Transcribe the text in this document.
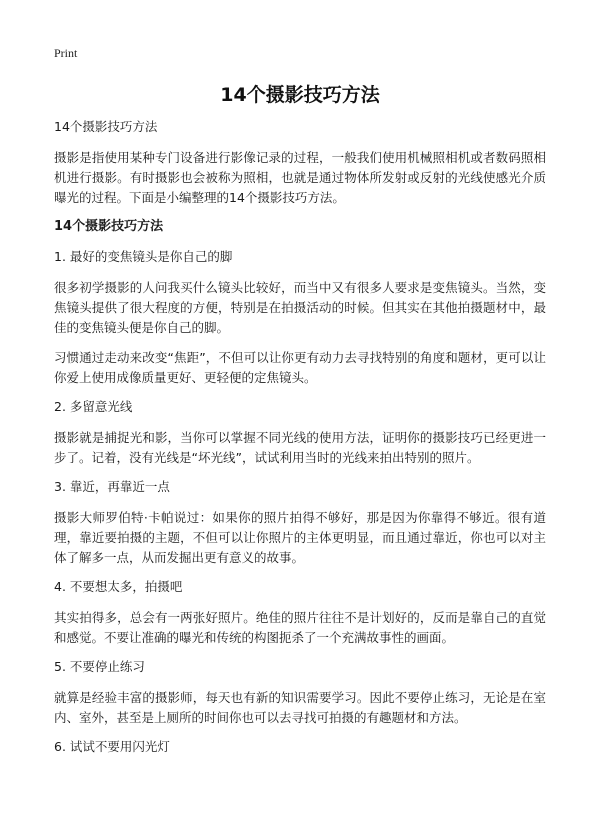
Print
14个摄影技巧方法

14个摄影技巧方法

摄影是指使用某种专门设备进行影像记录的过程，一般我们使用机械照相机或者数码照相机进行摄影。有时摄影也会被称为照相，也就是通过物体所发射或反射的光线使感光介质曝光的过程。下面是小编整理的14个摄影技巧方法。

14个摄影技巧方法

1. 最好的变焦镜头是你自己的脚

很多初学摄影的人问我买什么镜头比较好，而当中又有很多人要求是变焦镜头。当然，变焦镜头提供了很大程度的方便，特别是在拍摄活动的时候。但其实在其他拍摄题材中，最佳的变焦镜头便是你自己的脚。

习惯通过走动来改变“焦距”，不但可以让你更有动力去寻找特别的角度和题材，更可以让你爱上使用成像质量更好、更轻便的定焦镜头。

2. 多留意光线

摄影就是捕捉光和影，当你可以掌握不同光线的使用方法，证明你的摄影技巧已经更进一步了。记着，没有光线是“坏光线”，试试利用当时的光线来拍出特别的照片。

3. 靠近，再靠近一点

摄影大师罗伯特·卡帕说过：如果你的照片拍得不够好，那是因为你靠得不够近。很有道理，靠近要拍摄的主题，不但可以让你照片的主体更明显，而且通过靠近，你也可以对主体了解多一点，从而发掘出更有意义的故事。

4. 不要想太多，拍摄吧

其实拍得多，总会有一两张好照片。绝佳的照片往往不是计划好的，反而是靠自己的直觉和感觉。不要让准确的曝光和传统的构图扼杀了一个充满故事性的画面。

5. 不要停止练习

就算是经验丰富的摄影师，每天也有新的知识需要学习。因此不要停止练习，无论是在室内、室外，甚至是上厕所的时间你也可以去寻找可拍摄的有趣题材和方法。

6. 试试不要用闪光灯
